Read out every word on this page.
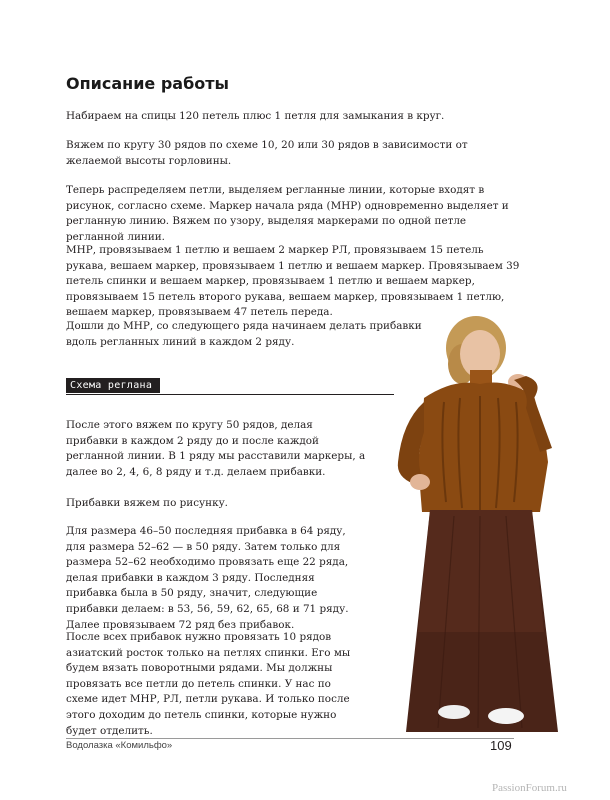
Описание работы

Набираем на спицы 120 петель плюс 1 петля для замыкания в круг.

Вяжем по кругу 30 рядов по схеме 10, 20 или 30 рядов в зависимости от желаемой высоты горловины.

Теперь распределяем петли, выделяем регланные линии, которые входят в рисунок, согласно схеме. Маркер начала ряда (МНР) одновременно выделяет и регланную линию. Вяжем по узору, выделяя маркерами по одной петле регланной линии.

МНР, провязываем 1 петлю и вешаем 2 маркер РЛ, провязываем 15 петель рукава, вешаем маркер, провязываем 1 петлю и вешаем маркер. Провязываем 39 петель спинки и вешаем маркер, провязываем 1 петлю и вешаем маркер, провязываем 15 петель второго рукава, вешаем маркер, провязываем 1 петлю, вешаем маркер, провязываем 47 петель переда.

Дошли до МНР, со следующего ряда начинаем делать прибавки вдоль регланных линий в каждом 2 ряду.

Схема реглана

После этого вяжем по кругу 50 рядов, делая прибавки в каждом 2 ряду до и после каждой регланной линии. В 1 ряду мы расставили маркеры, а далее во 2, 4, 6, 8 ряду и т.д. делаем прибавки.

Прибавки вяжем по рисунку.

Для размера 46–50 последняя прибавка в 64 ряду, для размера 52–62 — в 50 ряду. Затем только для размера 52–62 необходимо провязать еще 22 ряда, делая прибавки в каждом 3 ряду. Последняя прибавка была в 50 ряду, значит, следующие прибавки делаем: в 53, 56, 59, 62, 65, 68 и 71 ряду. Далее провязываем 72 ряд без прибавок.

После всех прибавок нужно провязать 10 рядов азиатский росток только на петлях спинки. Его мы будем вязать поворотными рядами. Мы должны провязать все петли до петель спинки. У нас по схеме идет МНР, РЛ, петли рукава. И только после этого доходим до петель спинки, которые нужно будет отделить.

Водолазка «Комильфо»	109
PassionForum.ru
